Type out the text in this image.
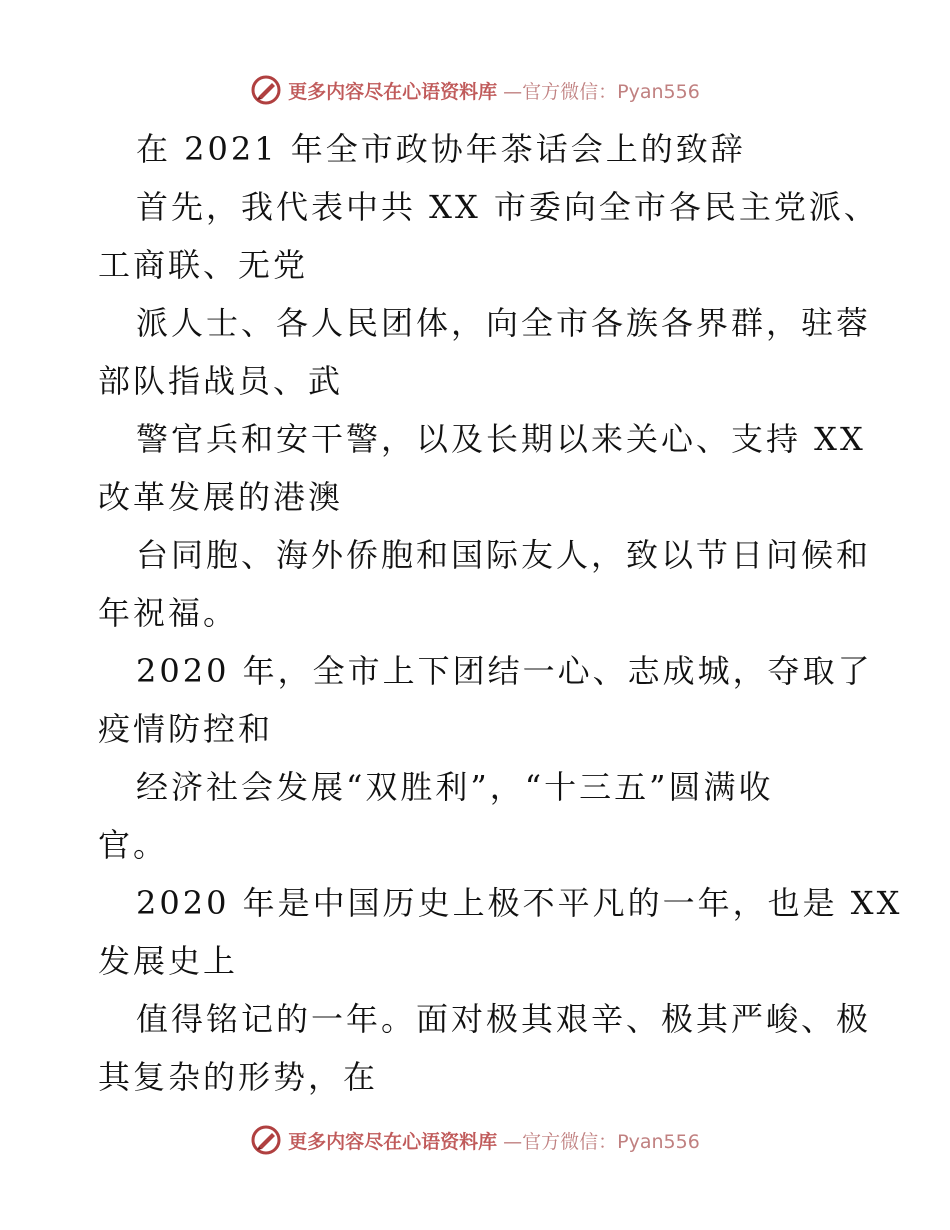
更多内容尽在心语资料库 —官方微信：Pyan556
在 2021 年全市政协年茶话会上的致辞
首先，我代表中共 XX 市委向全市各民主党派、
工商联、无党
派人士、各人民团体，向全市各族各界群，驻蓉
部队指战员、武
警官兵和安干警，以及长期以来关心、支持 XX
改革发展的港澳
台同胞、海外侨胞和国际友人，致以节日问候和
年祝福。
2020 年，全市上下团结一心、志成城，夺取了
疫情防控和
经济社会发展“双胜利”，“十三五”圆满收
官。
2020 年是中国历史上极不平凡的一年，也是 XX
发展史上
值得铭记的一年。面对极其艰辛、极其严峻、极
其复杂的形势，在
更多内容尽在心语资料库 —官方微信：Pyan556
